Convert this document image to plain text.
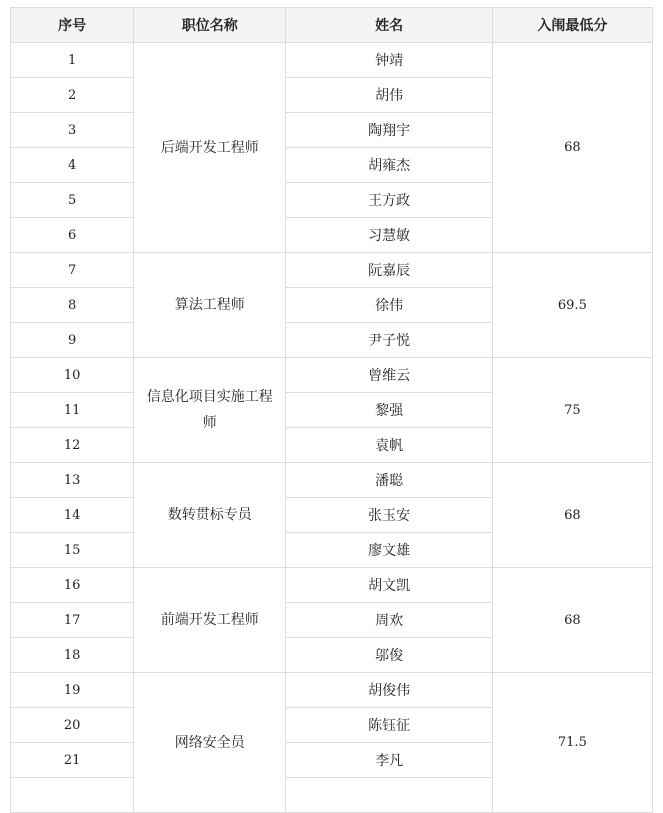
序号	职位名称	姓名	入闱最低分
1	后端开发工程师	钟靖	68
2		胡伟	
3		陶翔宇	
4		胡雍杰	
5		王方政	
6		习慧敏	
7	算法工程师	阮嘉辰	69.5
8		徐伟	
9		尹子悦	
10	信息化项目实施工程师	曾维云	75
11		黎强	
12		袁帆	
13	数转贯标专员	潘聪	68
14		张玉安	
15		廖文雄	
16	前端开发工程师	胡文凯	68
17		周欢	
18		邬俊	
19	网络安全员	胡俊伟	71.5
20		陈钰征	
21		李凡	
